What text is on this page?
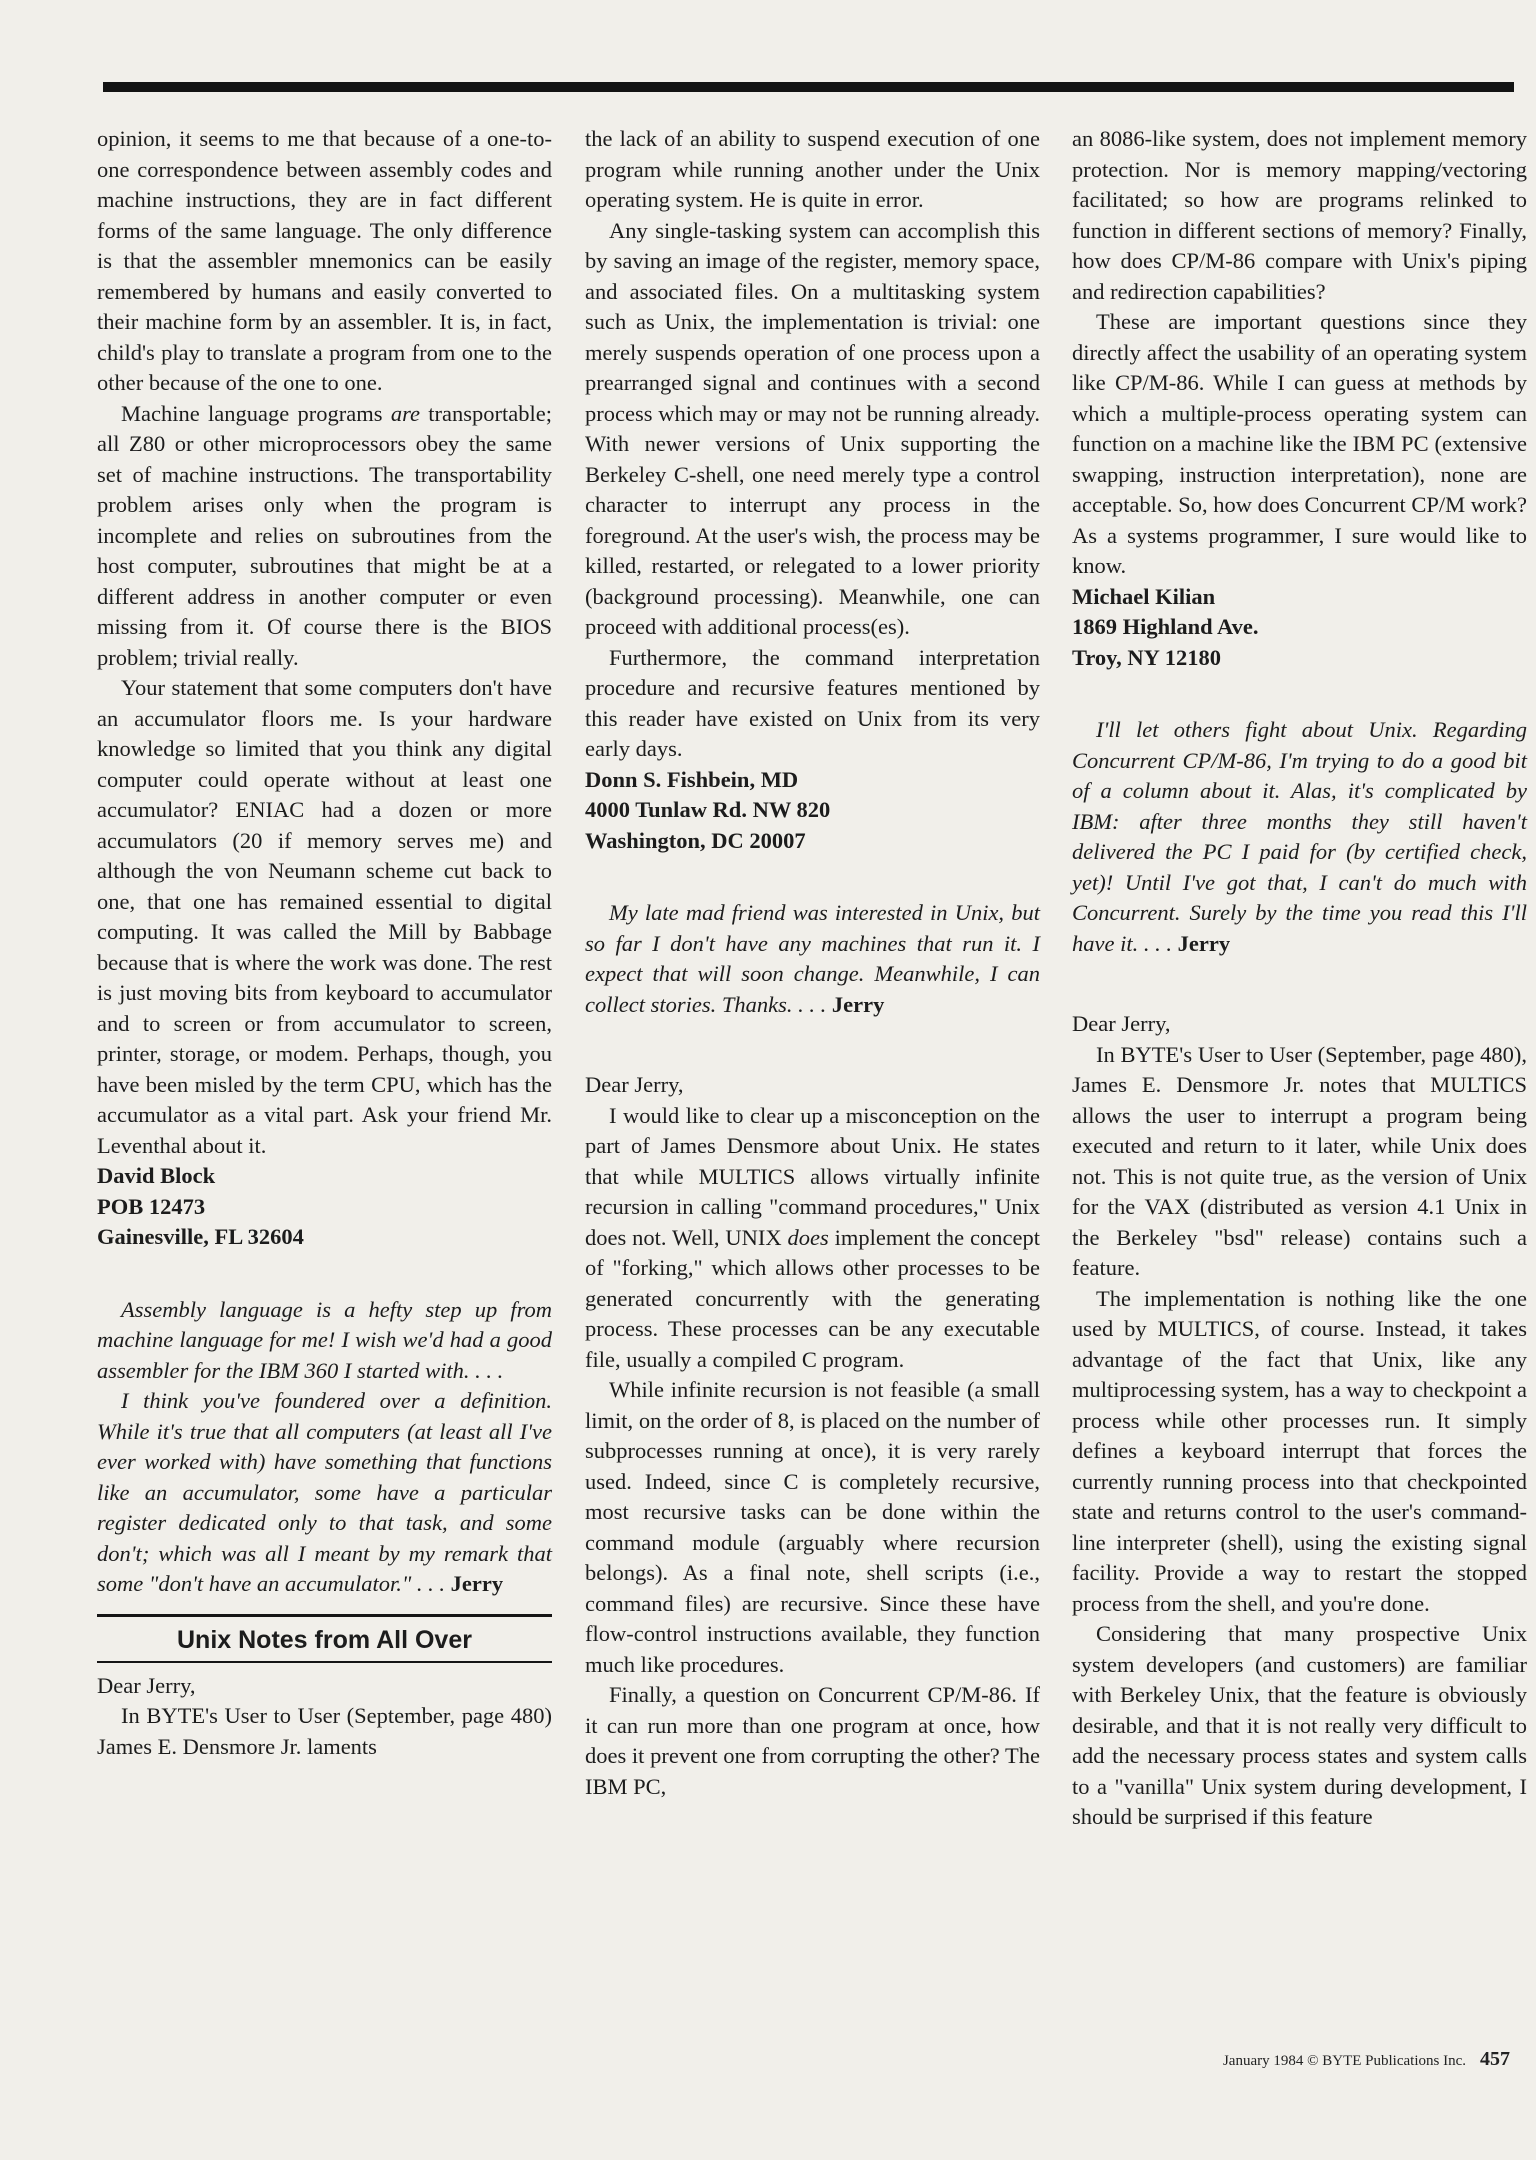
opinion, it seems to me that because of a one-to-one correspondence between assembly codes and machine instructions, they are in fact different forms of the same language. The only difference is that the assembler mnemonics can be easily remembered by humans and easily converted to their machine form by an assembler. It is, in fact, child's play to translate a program from one to the other because of the one to one.

Machine language programs are transportable; all Z80 or other microprocessors obey the same set of machine instructions. The transportability problem arises only when the program is incomplete and relies on subroutines from the host computer, subroutines that might be at a different address in another computer or even missing from it. Of course there is the BIOS problem; trivial really.

Your statement that some computers don't have an accumulator floors me. Is your hardware knowledge so limited that you think any digital computer could operate without at least one accumulator? ENIAC had a dozen or more accumulators (20 if memory serves me) and although the von Neumann scheme cut back to one, that one has remained essential to digital computing. It was called the Mill by Babbage because that is where the work was done. The rest is just moving bits from keyboard to accumulator and to screen or from accumulator to screen, printer, storage, or modem. Perhaps, though, you have been misled by the term CPU, which has the accumulator as a vital part. Ask your friend Mr. Leventhal about it.

David Block

POB 12473

Gainesville, FL 32604

Assembly language is a hefty step up from machine language for me! I wish we'd had a good assembler for the IBM 360 I started with. . . .

I think you've foundered over a definition. While it's true that all computers (at least all I've ever worked with) have something that functions like an accumulator, some have a particular register dedicated only to that task, and some don't; which was all I meant by my remark that some "don't have an accumulator." . . . Jerry

Unix Notes from All Over

Dear Jerry,

In BYTE's User to User (September, page 480) James E. Densmore Jr. laments

the lack of an ability to suspend execution of one program while running another under the Unix operating system. He is quite in error.

Any single-tasking system can accomplish this by saving an image of the register, memory space, and associated files. On a multitasking system such as Unix, the implementation is trivial: one merely suspends operation of one process upon a prearranged signal and continues with a second process which may or may not be running already. With newer versions of Unix supporting the Berkeley C-shell, one need merely type a control character to interrupt any process in the foreground. At the user's wish, the process may be killed, restarted, or relegated to a lower priority (background processing). Meanwhile, one can proceed with additional process(es).

Furthermore, the command interpretation procedure and recursive features mentioned by this reader have existed on Unix from its very early days.

Donn S. Fishbein, MD

4000 Tunlaw Rd. NW 820

Washington, DC 20007

My late mad friend was interested in Unix, but so far I don't have any machines that run it. I expect that will soon change. Meanwhile, I can collect stories. Thanks. . . . Jerry

Dear Jerry,

I would like to clear up a misconception on the part of James Densmore about Unix. He states that while MULTICS allows virtually infinite recursion in calling "command procedures," Unix does not. Well, UNIX does implement the concept of "forking," which allows other processes to be generated concurrently with the generating process. These processes can be any executable file, usually a compiled C program.

While infinite recursion is not feasible (a small limit, on the order of 8, is placed on the number of subprocesses running at once), it is very rarely used. Indeed, since C is completely recursive, most recursive tasks can be done within the command module (arguably where recursion belongs). As a final note, shell scripts (i.e., command files) are recursive. Since these have flow-control instructions available, they function much like procedures.

Finally, a question on Concurrent CP/M-86. If it can run more than one program at once, how does it prevent one from corrupting the other? The IBM PC,

an 8086-like system, does not implement memory protection. Nor is memory mapping/vectoring facilitated; so how are programs relinked to function in different sections of memory? Finally, how does CP/M-86 compare with Unix's piping and redirection capabilities?

These are important questions since they directly affect the usability of an operating system like CP/M-86. While I can guess at methods by which a multiple-process operating system can function on a machine like the IBM PC (extensive swapping, instruction interpretation), none are acceptable. So, how does Concurrent CP/M work? As a systems programmer, I sure would like to know.

Michael Kilian

1869 Highland Ave.

Troy, NY 12180

I'll let others fight about Unix. Regarding Concurrent CP/M-86, I'm trying to do a good bit of a column about it. Alas, it's complicated by IBM: after three months they still haven't delivered the PC I paid for (by certified check, yet)! Until I've got that, I can't do much with Concurrent. Surely by the time you read this I'll have it. . . . Jerry

Dear Jerry,

In BYTE's User to User (September, page 480), James E. Densmore Jr. notes that MULTICS allows the user to interrupt a program being executed and return to it later, while Unix does not. This is not quite true, as the version of Unix for the VAX (distributed as version 4.1 Unix in the Berkeley "bsd" release) contains such a feature.

The implementation is nothing like the one used by MULTICS, of course. Instead, it takes advantage of the fact that Unix, like any multiprocessing system, has a way to checkpoint a process while other processes run. It simply defines a keyboard interrupt that forces the currently running process into that checkpointed state and returns control to the user's command-line interpreter (shell), using the existing signal facility. Provide a way to restart the stopped process from the shell, and you're done.

Considering that many prospective Unix system developers (and customers) are familiar with Berkeley Unix, that the feature is obviously desirable, and that it is not really very difficult to add the necessary process states and system calls to a "vanilla" Unix system during development, I should be surprised if this feature

January 1984 © BYTE Publications Inc. 457
